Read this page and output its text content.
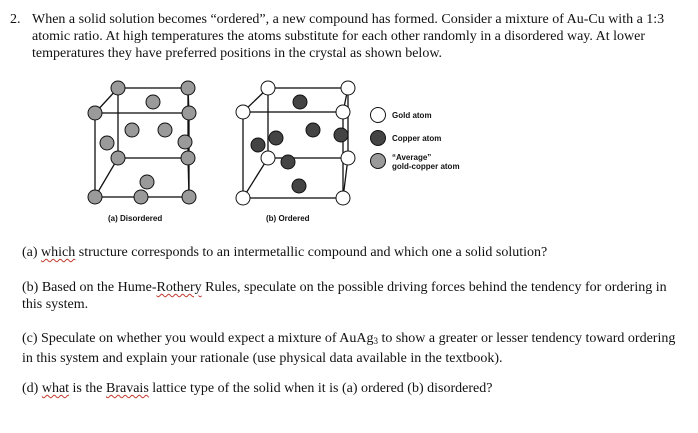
2. When a solid solution becomes “ordered”, a new compound has formed. Consider a mixture of Au-Cu with a 1:3 atomic ratio. At high temperatures the atoms substitute for each other randomly in a disordered way. At lower temperatures they have preferred positions in the crystal as shown below.
Gold atom
Copper atom
“Average”
gold-copper atom
(a) Disordered	(b) Ordered
(a) which structure corresponds to an intermetallic compound and which one a solid solution?
(b) Based on the Hume-Rothery Rules, speculate on the possible driving forces behind the tendency for ordering in this system.
(c) Speculate on whether you would expect a mixture of AuAg$_3$ to show a greater or lesser tendency toward ordering in this system and explain your rationale (use physical data available in the textbook).
(d) what is the Bravais lattice type of the solid when it is (a) ordered (b) disordered?
